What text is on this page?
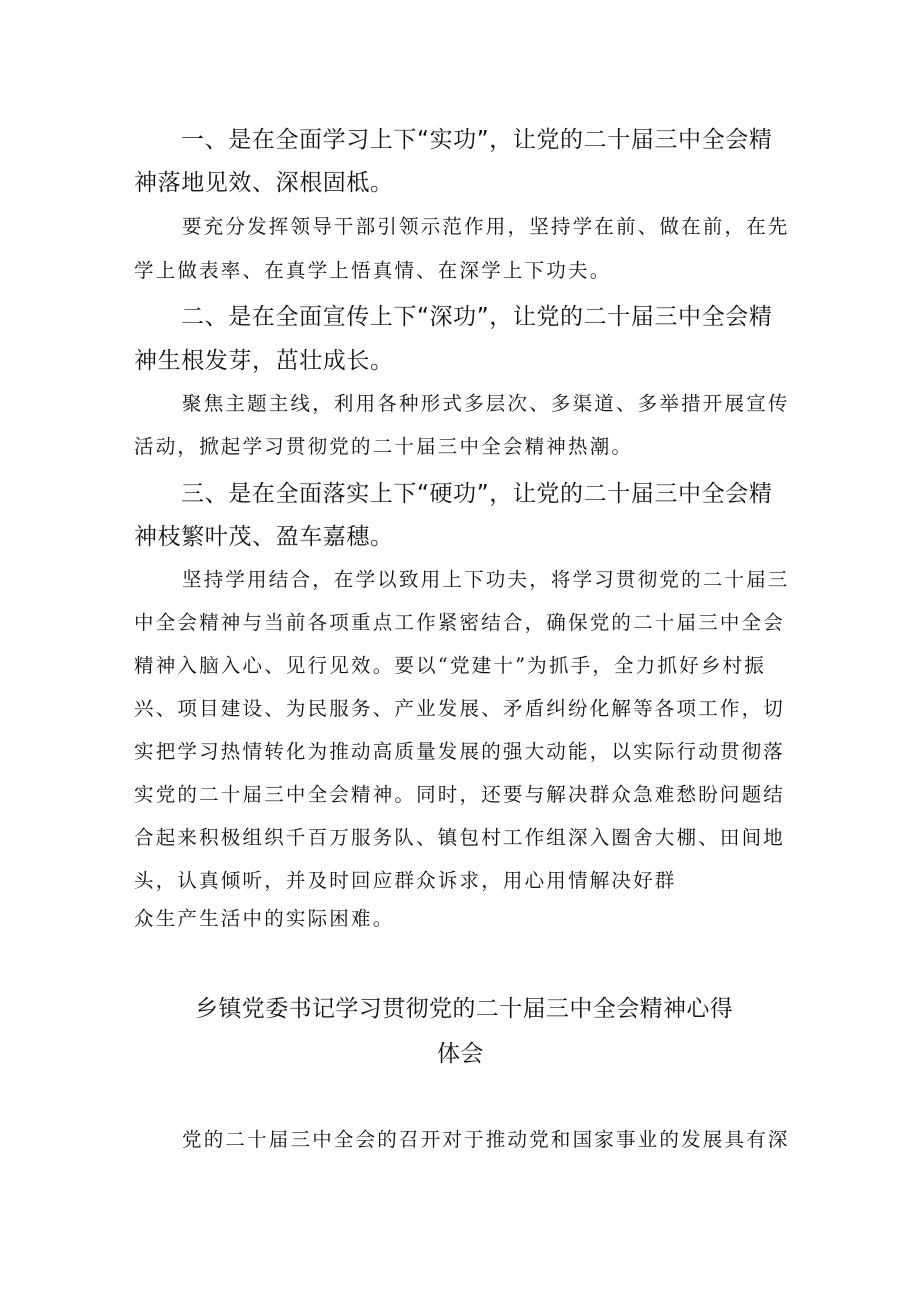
一、是在全面学习上下“实功”，让党的二十届三中全会精

神落地见效、深根固柢。

要充分发挥领导干部引领示范作用，坚持学在前、做在前，在先

学上做表率、在真学上悟真情、在深学上下功夫。

二、是在全面宣传上下“深功”，让党的二十届三中全会精

神生根发芽，茁壮成长。

聚焦主题主线，利用各种形式多层次、多渠道、多举措开展宣传

活动，掀起学习贯彻党的二十届三中全会精神热潮。

三、是在全面落实上下“硬功”，让党的二十届三中全会精

神枝繁叶茂、盈车嘉穗。

坚持学用结合，在学以致用上下功夫，将学习贯彻党的二十届三

中全会精神与当前各项重点工作紧密结合，确保党的二十届三中全会

精神入脑入心、见行见效。要以“党建十”为抓手，全力抓好乡村振

兴、项目建设、为民服务、产业发展、矛盾纠纷化解等各项工作，切

实把学习热情转化为推动高质量发展的强大动能，以实际行动贯彻落

实党的二十届三中全会精神。同时，还要与解决群众急难愁盼问题结

合起来积极组织千百万服务队、镇包村工作组深入圈舍大棚、田间地

头，认真倾听，并及时回应群众诉求，用心用情解决好群

众生产生活中的实际困难。

乡镇党委书记学习贯彻党的二十届三中全会精神心得

体会

党的二十届三中全会的召开对于推动党和国家事业的发展具有深
